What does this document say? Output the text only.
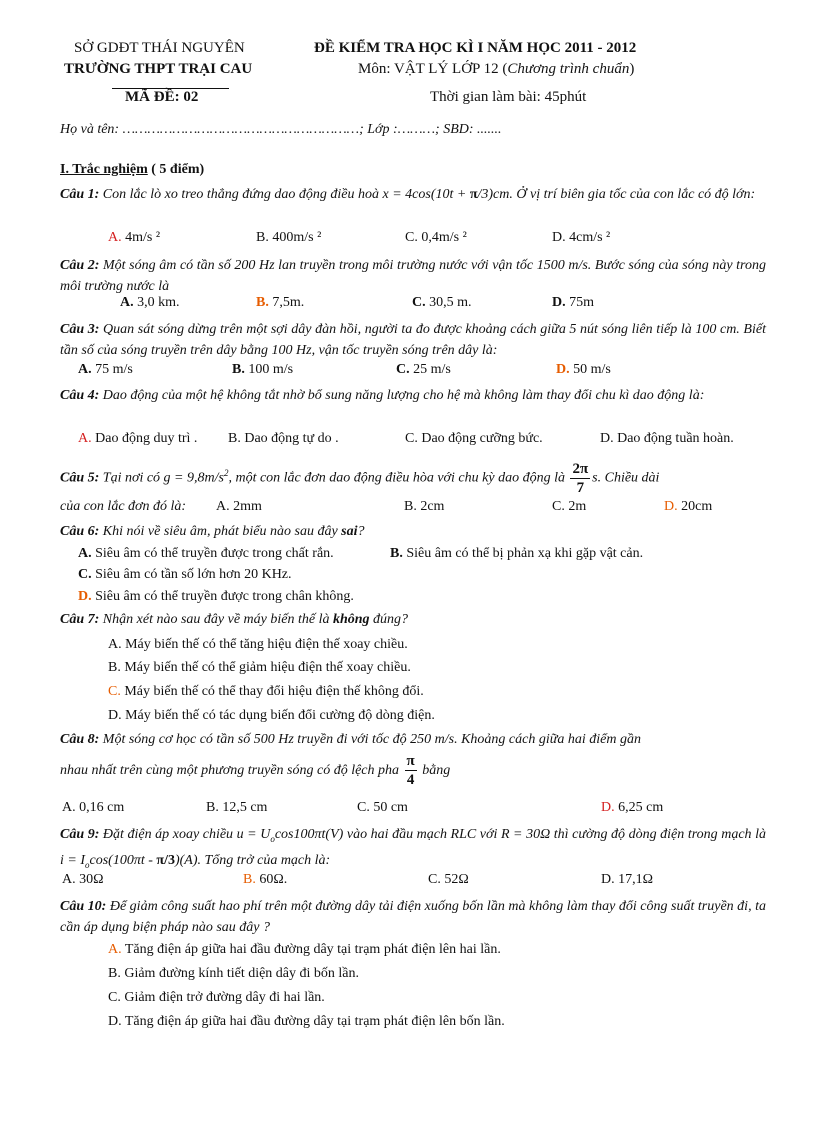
SỞ GDĐT THÁI NGUYÊN
TRƯỜNG THPT TRẠI CAU
MÃ ĐỀ: 02
ĐỀ KIỂM TRA HỌC KÌ I NĂM HỌC 2011 - 2012
Môn: VẬT LÝ LỚP 12 (Chương trình chuẩn)
Thời gian làm bài: 45phút
Họ và tên: …………………………………………………; Lớp :………; SBD: .......
I. Trắc nghiệm ( 5 điểm)
Câu 1: Con lắc lò xo treo thẳng đứng dao động điều hoà x = 4cos(10t + π/3)cm. Ở vị trí biên gia tốc của con lắc có độ lớn:
A. 4m/s ²	B. 400m/s ²	C. 0,4m/s ²	D. 4cm/s ²
Câu 2: Một sóng âm có tần số 200 Hz lan truyền trong môi trường nước với vận tốc 1500 m/s. Bước sóng của sóng này trong môi trường nước là
A. 3,0 km.	B. 7,5m.	C. 30,5 m.	D. 75m
Câu 3: Quan sát sóng dừng trên một sợi dây đàn hồi, người ta đo được khoảng cách giữa 5 nút sóng liên tiếp là 100 cm. Biết tần số của sóng truyền trên dây bằng 100 Hz, vận tốc truyền sóng trên dây là:
A. 75 m/s	B. 100 m/s	C. 25 m/s	D. 50 m/s
Câu 4: Dao động của một hệ không tắt nhờ bổ sung năng lượng cho hệ mà không làm thay đổi chu kì dao động là:
A. Dao động duy trì . B. Dao động tự do .	C. Dao động cưỡng bức.	D. Dao động tuần hoàn.
Câu 5: Tại nơi có $g = 9,8m/s^2$, một con lắc đơn dao động điều hòa với chu kỳ dao động là $\frac{2\pi}{7} s$. Chiều dài
của con lắc đơn đó là: A. 2mm	B. 2cm	C. 2m	D. 20cm
Câu 6: Khi nói về siêu âm, phát biểu nào sau đây sai?
A. Siêu âm có thể truyền được trong chất rắn.	B. Siêu âm có thể bị phản xạ khi gặp vật cản.
C. Siêu âm có tần số lớn hơn 20 KHz.
D. Siêu âm có thể truyền được trong chân không.
Câu 7: Nhận xét nào sau đây về máy biến thế là không đúng?
A. Máy biến thế có thể tăng hiệu điện thế xoay chiều.
B. Máy biến thế có thể giảm hiệu điện thế xoay chiều.
C. Máy biến thế có thể thay đổi hiệu điện thế không đổi.
D. Máy biến thế có tác dụng biến đổi cường độ dòng điện.
Câu 8: Một sóng cơ học có tần số 500 Hz truyền đi với tốc độ 250 m/s. Khoảng cách giữa hai điểm gần
nhau nhất trên cùng một phương truyền sóng có độ lệch pha $\frac{\pi}{4}$ bằng
A. 0,16 cm	B. 12,5 cm	C. 50 cm	D. 6,25 cm
Câu 9: Đặt điện áp xoay chiều $u = U_o\cos 100\pi t(V)$ vào hai đầu mạch RLC với R = 30Ω thì cường độ dòng điện trong mạch là $i = I_o\cos(100\pi t - \pi/3)(A)$. Tổng trở của mạch là:
A. 30Ω	B. 60Ω.	C. 52Ω	D. 17,1Ω
Câu 10: Để giảm công suất hao phí trên một đường dây tải điện xuống bốn lần mà không làm thay đổi công suất truyền đi, ta cần áp dụng biện pháp nào sau đây ?
A. Tăng điện áp giữa hai đầu đường dây tại trạm phát điện lên hai lần.
B. Giảm đường kính tiết diện dây đi bốn lần.
C. Giảm điện trở đường dây đi hai lần.
D. Tăng điện áp giữa hai đầu đường dây tại trạm phát điện lên bốn lần.
